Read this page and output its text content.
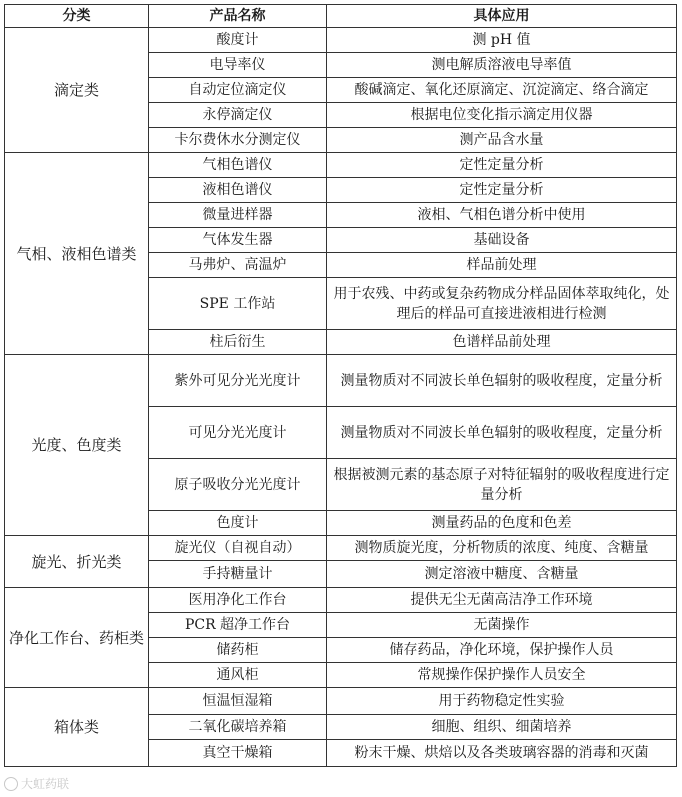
分类	产品名称	具体应用
滴定类	酸度计	测 pH 值
	电导率仪	测电解质溶液电导率值
	自动定位滴定仪	酸碱滴定、氧化还原滴定、沉淀滴定、络合滴定
	永停滴定仪	根据电位变化指示滴定用仪器
	卡尔费休水分测定仪	测产品含水量
气相、液相色谱类	气相色谱仪	定性定量分析
	液相色谱仪	定性定量分析
	微量进样器	液相、气相色谱分析中使用
	气体发生器	基础设备
	马弗炉、高温炉	样品前处理
	SPE 工作站	用于农残、中药或复杂药物成分样品固体萃取纯化，处理后的样品可直接进液相进行检测
	柱后衍生	色谱样品前处理
光度、色度类	紫外可见分光光度计	测量物质对不同波长单色辐射的吸收程度，定量分析
	可见分光光度计	测量物质对不同波长单色辐射的吸收程度，定量分析
	原子吸收分光光度计	根据被测元素的基态原子对特征辐射的吸收程度进行定量分析
	色度计	测量药品的色度和色差
旋光、折光类	旋光仪（自视自动）	测物质旋光度，分析物质的浓度、纯度、含糖量
	手持糖量计	测定溶液中糖度、含糖量
净化工作台、药柜类	医用净化工作台	提供无尘无菌高洁净工作环境
	PCR 超净工作台	无菌操作
	储药柜	储存药品，净化环境，保护操作人员
	通风柜	常规操作保护操作人员安全
箱体类	恒温恒湿箱	用于药物稳定性实验
	二氧化碳培养箱	细胞、组织、细菌培养
	真空干燥箱	粉末干燥、烘焙以及各类玻璃容器的消毒和灭菌
大虹药联
